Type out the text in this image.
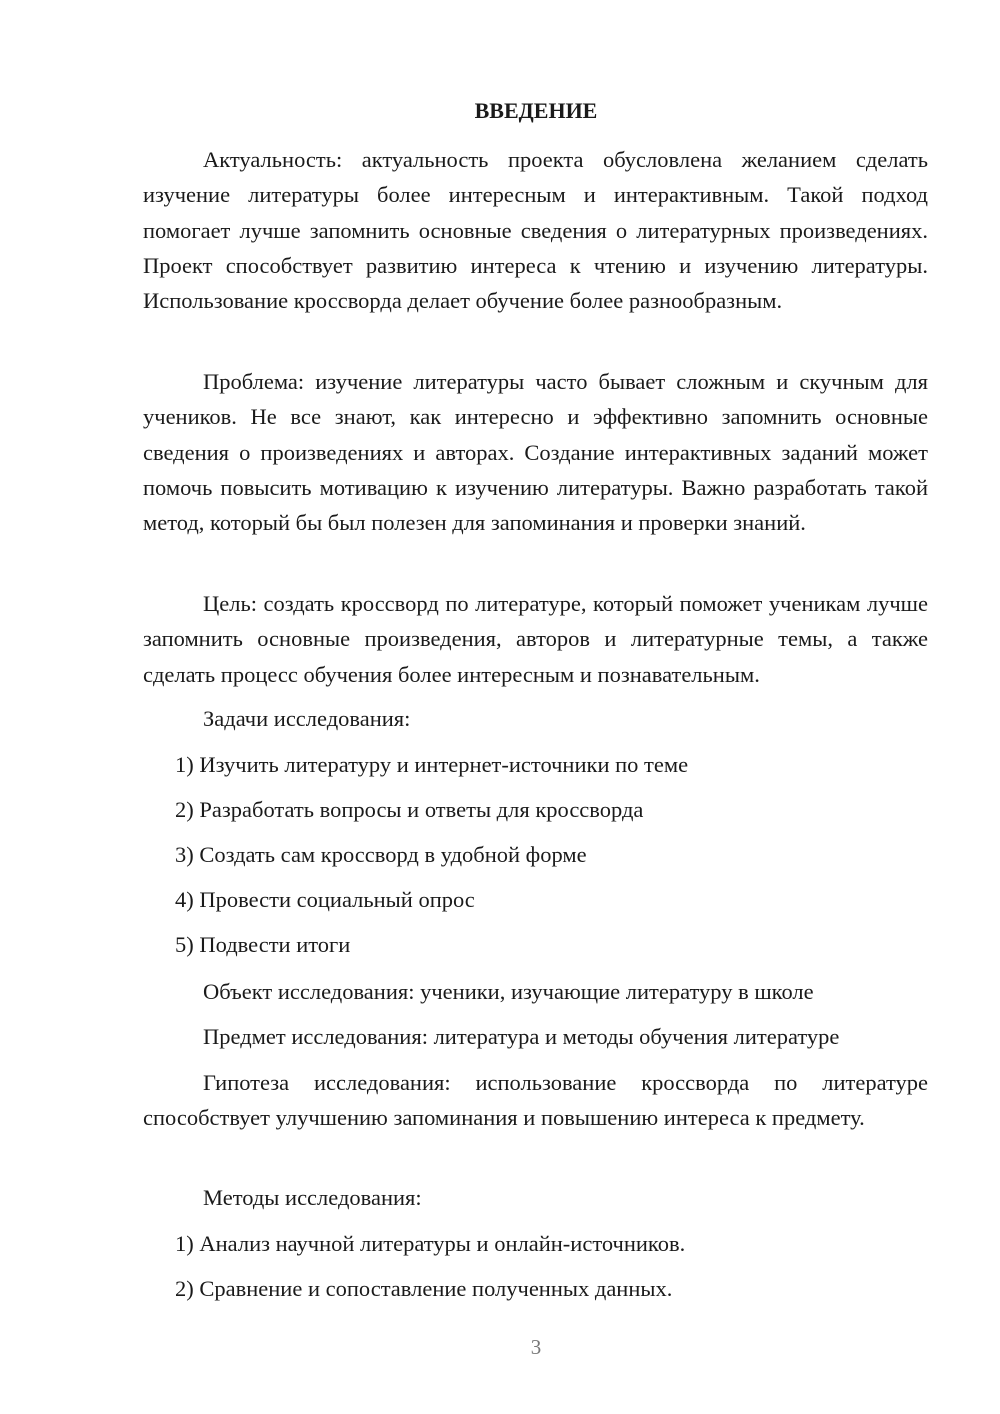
ВВЕДЕНИЕ

Актуальность: актуальность проекта обусловлена желанием сделать изучение литературы более интересным и интерактивным. Такой подход помогает лучше запомнить основные сведения о литературных произведениях. Проект способствует развитию интереса к чтению и изучению литературы. Использование кроссворда делает обучение более разнообразным.

Проблема: изучение литературы часто бывает сложным и скучным для учеников. Не все знают, как интересно и эффективно запомнить основные сведения о произведениях и авторах. Создание интерактивных заданий может помочь повысить мотивацию к изучению литературы. Важно разработать такой метод, который бы был полезен для запоминания и проверки знаний.

Цель: создать кроссворд по литературе, который поможет ученикам лучше запомнить основные произведения, авторов и литературные темы, а также сделать процесс обучения более интересным и познавательным.

Задачи исследования:
1) Изучить литературу и интернет-источники по теме
2) Разработать вопросы и ответы для кроссворда
3) Создать сам кроссворд в удобной форме
4) Провести социальный опрос
5) Подвести итоги
Объект исследования: ученики, изучающие литературу в школе
Предмет исследования: литература и методы обучения литературе

Гипотеза исследования: использование кроссворда по литературе способствует улучшению запоминания и повышению интереса к предмету.

Методы исследования:
1) Анализ научной литературы и онлайн-источников.
2) Сравнение и сопоставление полученных данных.
3
